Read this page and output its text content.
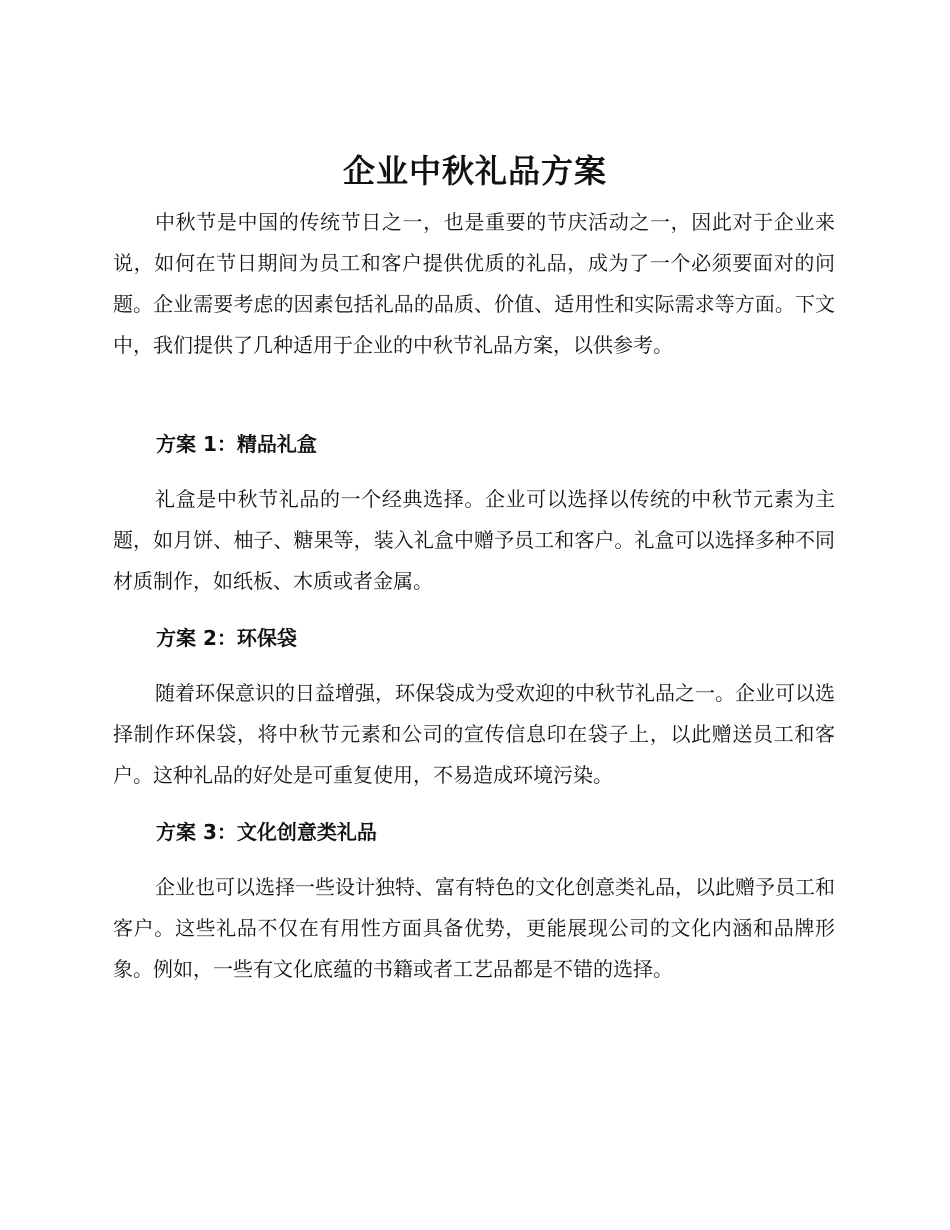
企业中秋礼品方案

中秋节是中国的传统节日之一，也是重要的节庆活动之一，因此对于企业来说，如何在节日期间为员工和客户提供优质的礼品，成为了一个必须要面对的问题。企业需要考虑的因素包括礼品的品质、价值、适用性和实际需求等方面。下文中，我们提供了几种适用于企业的中秋节礼品方案，以供参考。

方案 1：精品礼盒

礼盒是中秋节礼品的一个经典选择。企业可以选择以传统的中秋节元素为主题，如月饼、柚子、糖果等，装入礼盒中赠予员工和客户。礼盒可以选择多种不同材质制作，如纸板、木质或者金属。

方案 2：环保袋

随着环保意识的日益增强，环保袋成为受欢迎的中秋节礼品之一。企业可以选择制作环保袋，将中秋节元素和公司的宣传信息印在袋子上，以此赠送员工和客户。这种礼品的好处是可重复使用，不易造成环境污染。

方案 3：文化创意类礼品

企业也可以选择一些设计独特、富有特色的文化创意类礼品，以此赠予员工和客户。这些礼品不仅在有用性方面具备优势，更能展现公司的文化内涵和品牌形象。例如，一些有文化底蕴的书籍或者工艺品都是不错的选择。
